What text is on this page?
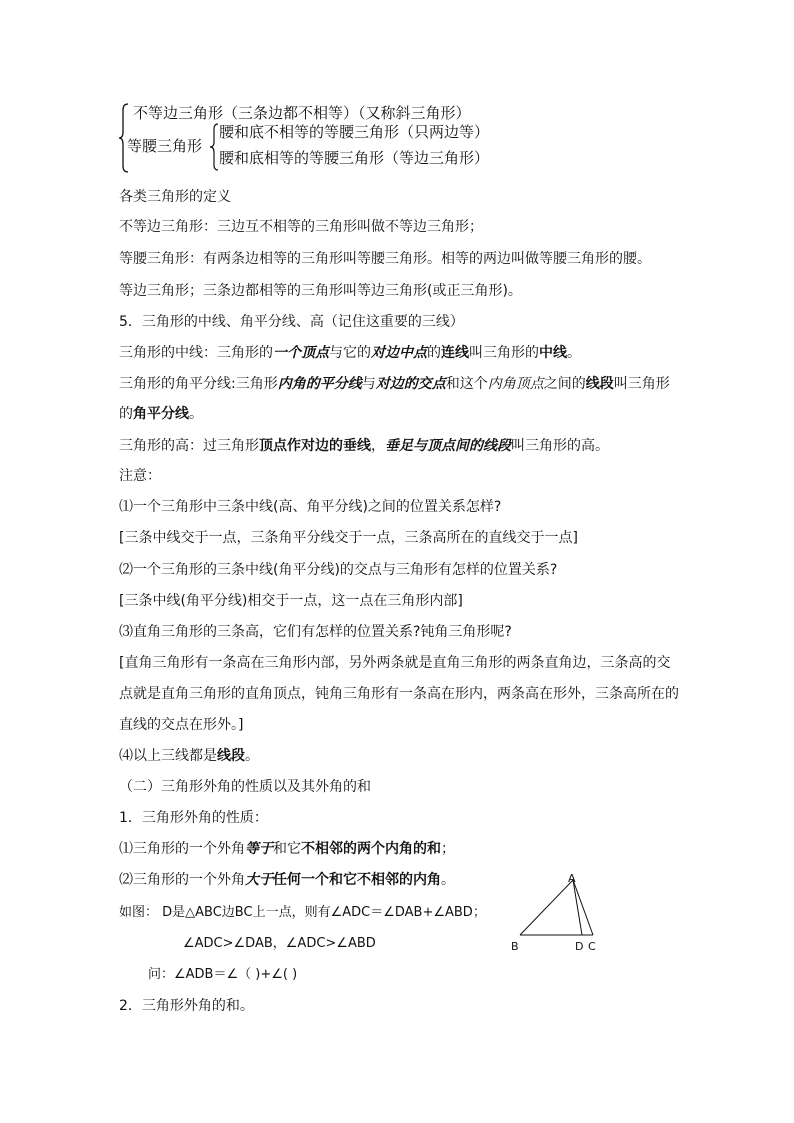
不等边三角形（三条边都不相等）（又称斜三角形）
等腰三角形
腰和底不相等的等腰三角形（只两边等）
腰和底相等的等腰三角形（等边三角形）
各类三角形的定义
不等边三角形：三边互不相等的三角形叫做不等边三角形；
等腰三角形：有两条边相等的三角形叫等腰三角形。相等的两边叫做等腰三角形的腰。
等边三角形；三条边都相等的三角形叫等边三角形(或正三角形)。
5．三角形的中线、角平分线、高（记住这重要的三线）
三角形的中线：三角形的一个顶点与它的对边中点的连线叫三角形的中线。
三角形的角平分线:三角形内角的平分线与对边的交点和这个内角顶点之间的线段叫三角形
的角平分线。
三角形的高：过三角形顶点作对边的垂线，垂足与顶点间的线段叫三角形的高。
注意：
⑴一个三角形中三条中线(高、角平分线)之间的位置关系怎样?
[三条中线交于一点，三条角平分线交于一点，三条高所在的直线交于一点]
⑵一个三角形的三条中线(角平分线)的交点与三角形有怎样的位置关系?
[三条中线(角平分线)相交于一点，这一点在三角形内部]
⑶直角三角形的三条高，它们有怎样的位置关系?钝角三角形呢?
[直角三角形有一条高在三角形内部，另外两条就是直角三角形的两条直角边，三条高的交
点就是直角三角形的直角顶点，钝角三角形有一条高在形内，两条高在形外，三条高所在的
直线的交点在形外。]
⑷以上三线都是线段。
（二）三角形外角的性质以及其外角的和
1．三角形外角的性质：
⑴三角形的一个外角等于和它不相邻的两个内角的和；
⑵三角形的一个外角大于任何一个和它不相邻的内角。
如图： D是△ABC边BC上一点，则有∠ADC＝∠DAB+∠ABD；
∠ADC>∠DAB，∠ADC>∠ABD
问：∠ADB＝∠（ )+∠( )
2．三角形外角的和。
A
B	D C
